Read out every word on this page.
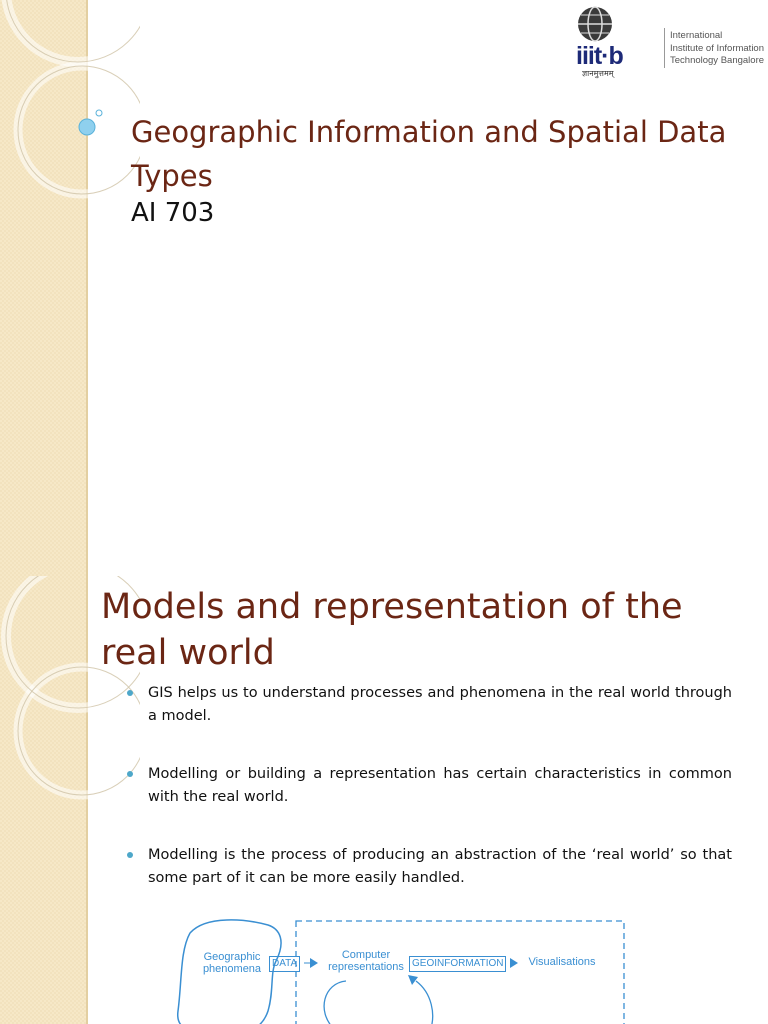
iiit·b
ज्ञानमुत्तमम्
International
Institute of Information
Technology Bangalore
Geographic Information and Spatial Data Types
AI 703
Models and representation of the real world
GIS helps us to understand processes and phenomena in the real world through a model.
Modelling or building a representation has certain characteristics in common with the real world.
Modelling is the process of producing an abstraction of the ‘real world’ so that some part of it can be more easily handled.
Geographic phenomena	DATA
Computer representations GEOINFORMATION	Visualisations
